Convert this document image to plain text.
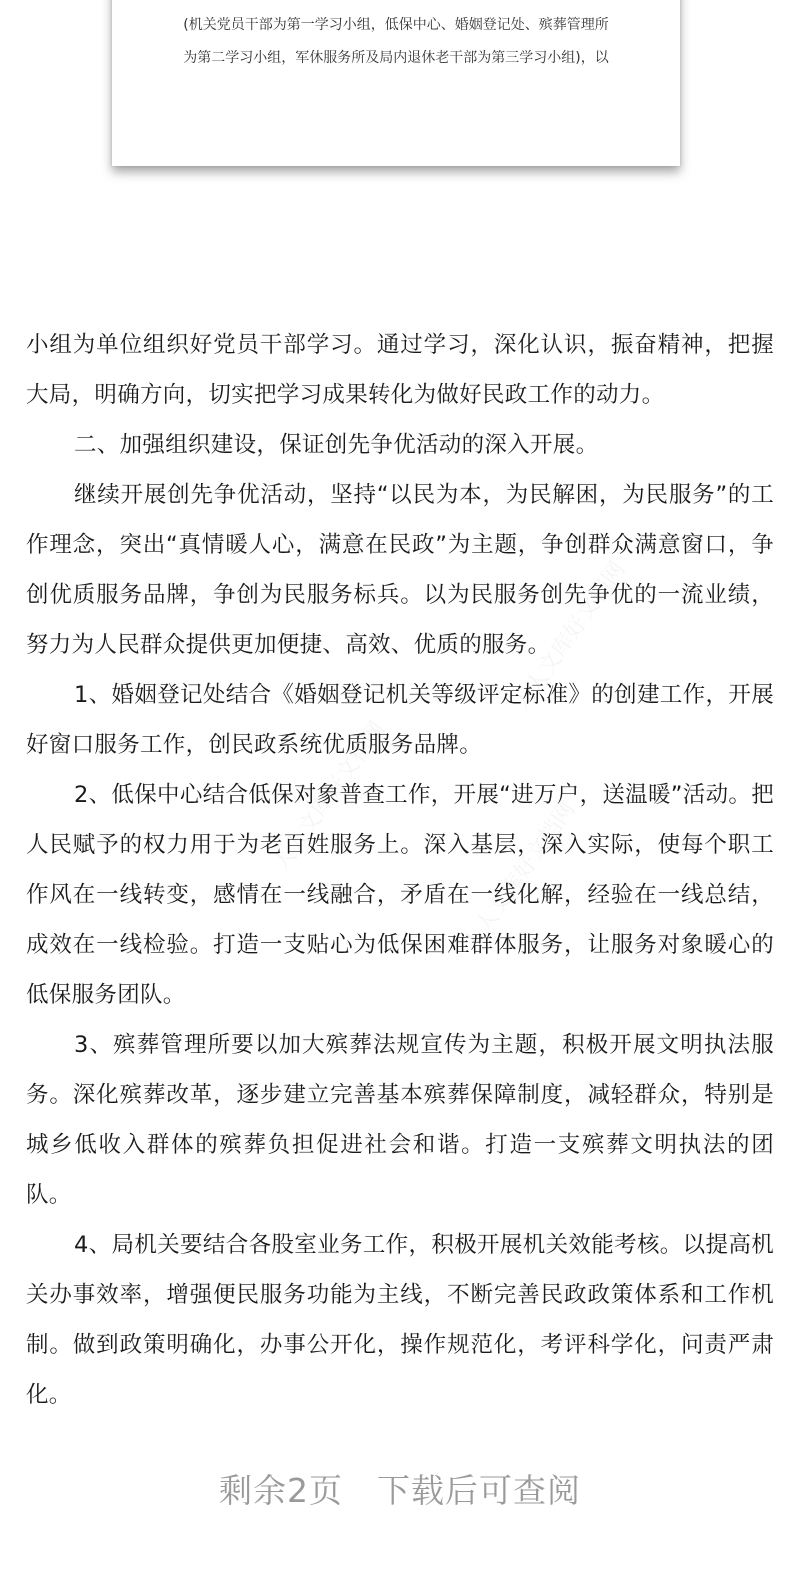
(机关党员干部为第一学习小组，低保中心、婚姻登记处、殡葬管理所
为第二学习小组，军休服务所及局内退休老干部为第三学习小组)，以

小组为单位组织好党员干部学习。通过学习，深化认识，振奋精神，把握大局，明确方向，切实把学习成果转化为做好民政工作的动力。

二、加强组织建设，保证创先争优活动的深入开展。

继续开展创先争优活动，坚持“以民为本，为民解困，为民服务”的工作理念，突出“真情暖人心，满意在民政”为主题，争创群众满意窗口，争创优质服务品牌，争创为民服务标兵。以为民服务创先争优的一流业绩，努力为人民群众提供更加便捷、高效、优质的服务。

1、婚姻登记处结合《婚姻登记机关等级评定标准》的创建工作，开展好窗口服务工作，创民政系统优质服务品牌。

2、低保中心结合低保对象普查工作，开展“进万户，送温暖”活动。把人民赋予的权力用于为老百姓服务上。深入基层，深入实际，使每个职工作风在一线转变，感情在一线融合，矛盾在一线化解，经验在一线总结，成效在一线检验。打造一支贴心为低保困难群体服务，让服务对象暖心的低保服务团队。

3、殡葬管理所要以加大殡葬法规宣传为主题，积极开展文明执法服务。深化殡葬改革，逐步建立完善基本殡葬保障制度，减轻群众，特别是城乡低收入群体的殡葬负担促进社会和谐。打造一支殡葬文明执法的团队。

4、局机关要结合各股室业务工作，积极开展机关效能考核。以提高机关办事效率，增强便民服务功能为主线，不断完善民政政策体系和工作机制。做到政策明确化，办事公开化，操作规范化，考评科学化，问责严肃化。

剩余2页 下载后可查阅
